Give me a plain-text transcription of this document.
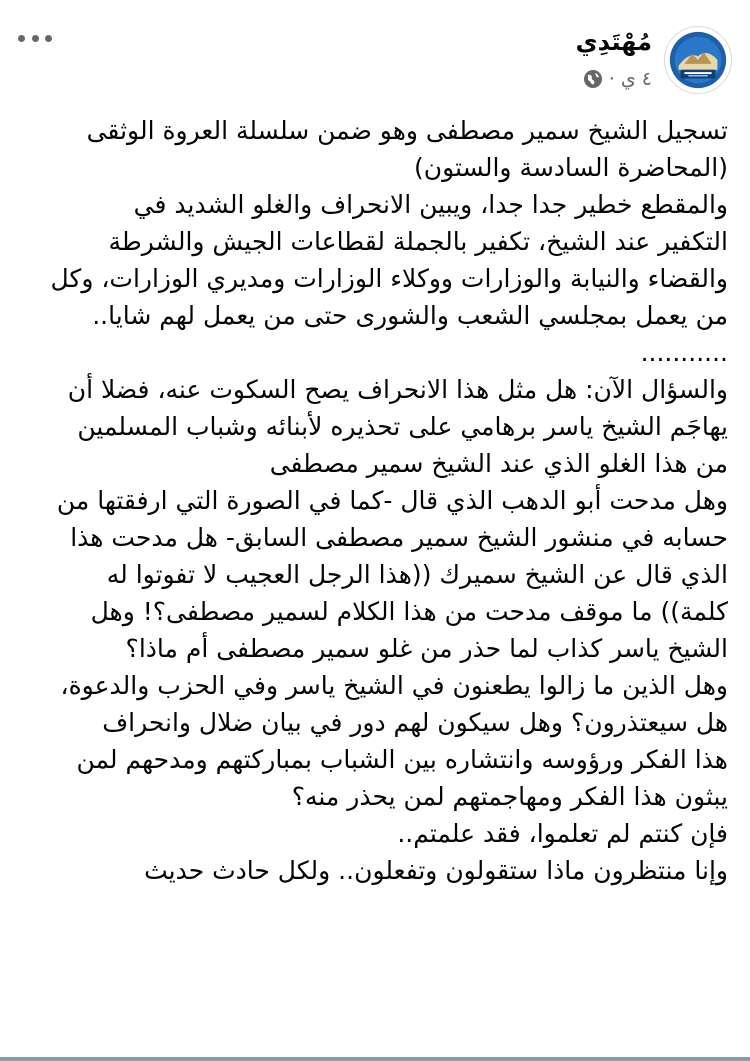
مُهْتَدِي
٤ ي ·
تسجيل الشيخ سمير مصطفى وهو ضمن سلسلة العروة الوثقى
(المحاضرة السادسة والستون)
والمقطع خطير جدا جدا، ويبين الانحراف والغلو الشديد في
التكفير عند الشيخ، تكفير بالجملة لقطاعات الجيش والشرطة
والقضاء والنيابة والوزارات ووكلاء الوزارات ومديري الوزارات، وكل
من يعمل بمجلسي الشعب والشورى حتى من يعمل لهم شايا..
...........
والسؤال الآن: هل مثل هذا الانحراف يصح السكوت عنه، فضلا أن
يهاجَم الشيخ ياسر برهامي على تحذيره لأبنائه وشباب المسلمين
من هذا الغلو الذي عند الشيخ سمير مصطفى
وهل مدحت أبو الدهب الذي قال -كما في الصورة التي ارفقتها من
حسابه في منشور الشيخ سمير مصطفى السابق- هل مدحت هذا
الذي قال عن الشيخ سميرك ((هذا الرجل العجيب لا تفوتوا له
كلمة)) ما موقف مدحت من هذا الكلام لسمير مصطفى؟! وهل
الشيخ ياسر كذاب لما حذر من غلو سمير مصطفى أم ماذا؟
وهل الذين ما زالوا يطعنون في الشيخ ياسر وفي الحزب والدعوة،
هل سيعتذرون؟ وهل سيكون لهم دور في بيان ضلال وانحراف
هذا الفكر ورؤوسه وانتشاره بين الشباب بمباركتهم ومدحهم لمن
يبثون هذا الفكر ومهاجمتهم لمن يحذر منه؟
فإن كنتم لم تعلموا، فقد علمتم..
وإنا منتظرون ماذا ستقولون وتفعلون.. ولكل حادث حديث
